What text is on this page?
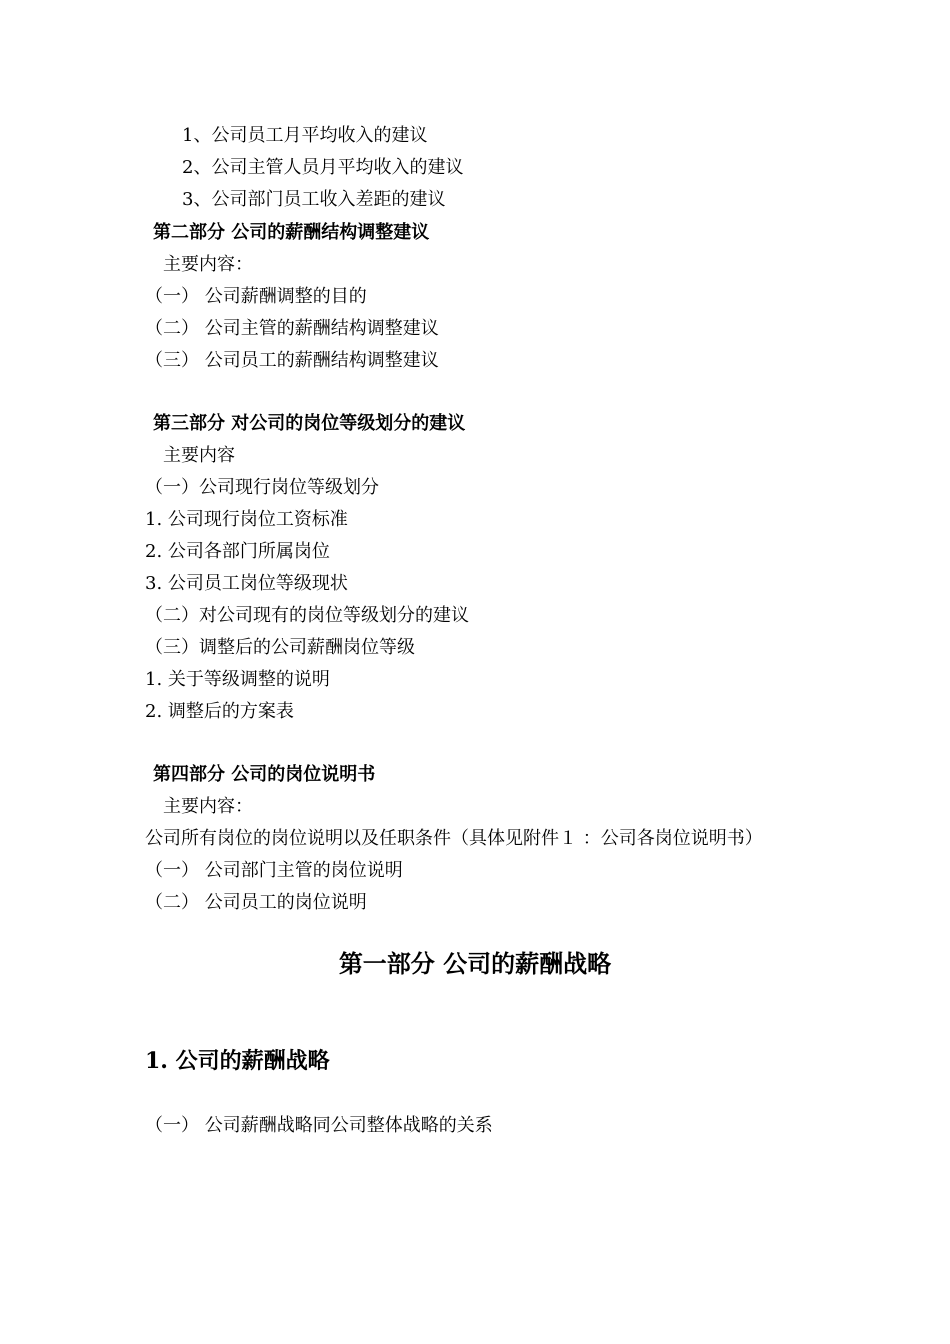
1、公司员工月平均收入的建议
2、公司主管人员月平均收入的建议
3、公司部门员工收入差距的建议
第二部分 公司的薪酬结构调整建议
主要内容：
（一） 公司薪酬调整的目的
（二） 公司主管的薪酬结构调整建议
（三） 公司员工的薪酬结构调整建议
第三部分 对公司的岗位等级划分的建议
主要内容
（一）公司现行岗位等级划分
1. 公司现行岗位工资标准
2. 公司各部门所属岗位
3. 公司员工岗位等级现状
（二）对公司现有的岗位等级划分的建议
（三）调整后的公司薪酬岗位等级
1. 关于等级调整的说明
2. 调整后的方案表
第四部分 公司的岗位说明书
主要内容：
公司所有岗位的岗位说明以及任职条件（具体见附件１ ：公司各岗位说明书）
（一） 公司部门主管的岗位说明
（二） 公司员工的岗位说明
第一部分 公司的薪酬战略
1. 公司的薪酬战略
（一） 公司薪酬战略同公司整体战略的关系
